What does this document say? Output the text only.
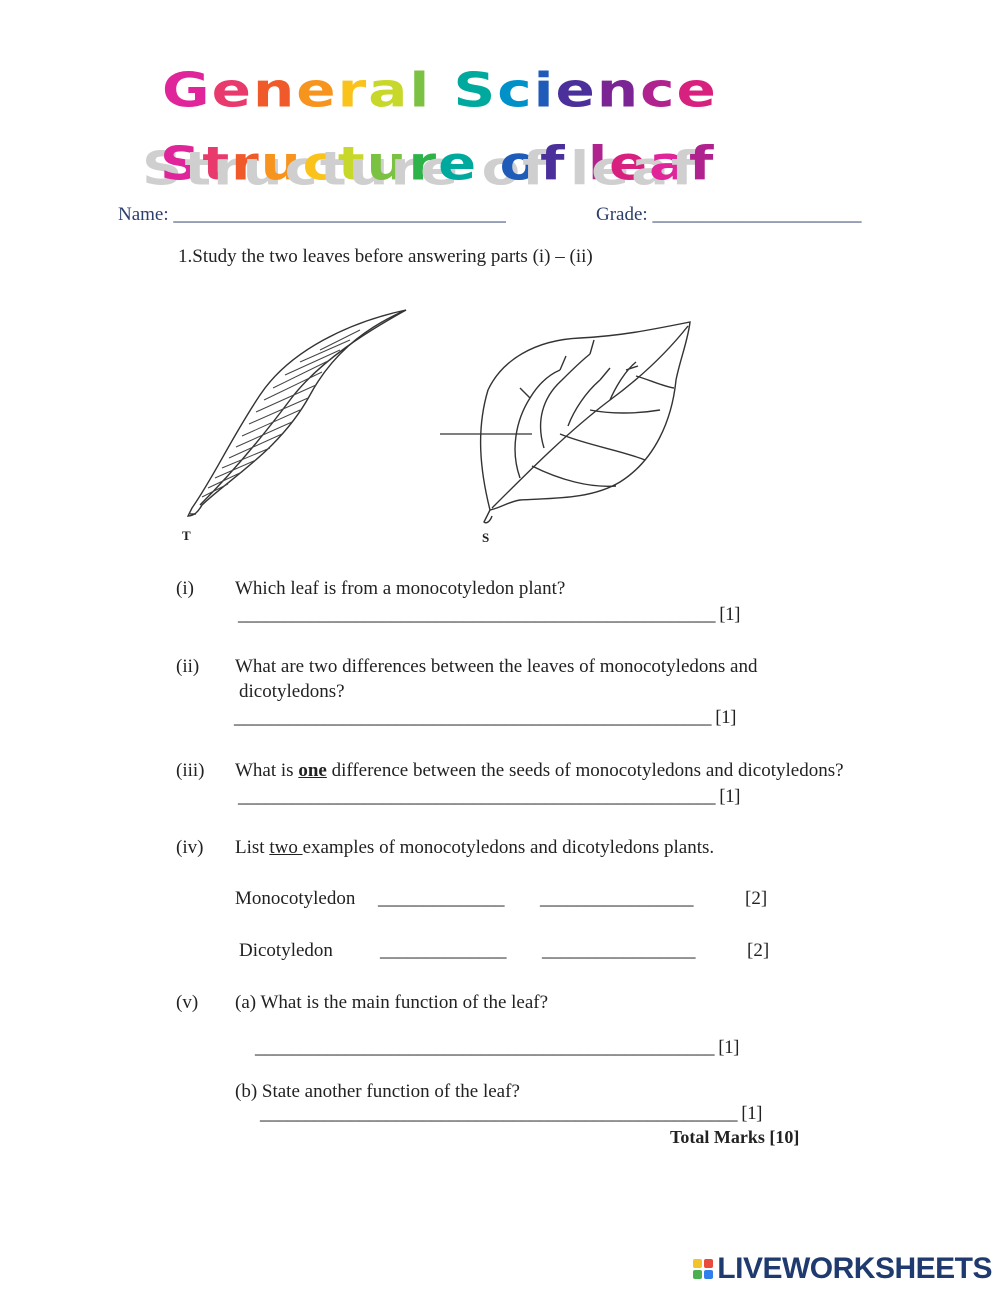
General Science
Structure of leaf
Name: ___________________________________	Grade: ______________________
1.Study the two leaves before answering parts (i) – (ii)
T	S
(i) Which leaf is from a monocotyledon plant?
_____________________________________________________ [1]
(ii) What are two differences between the leaves of monocotyledons and
dicotyledons?
_____________________________________________________ [1]
(iii) What is one difference between the seeds of monocotyledons and dicotyledons?
_____________________________________________________ [1]
(iv) List two examples of monocotyledons and dicotyledons plants.
Monocotyledon ______________ _________________	[2]
Dicotyledon ______________ _________________	[2]
(v) (a) What is the main function of the leaf?
___________________________________________________ [1]
(b) State another function of the leaf?
_____________________________________________________ [1]
Total Marks [10]
LIVEWORKSHEETS
